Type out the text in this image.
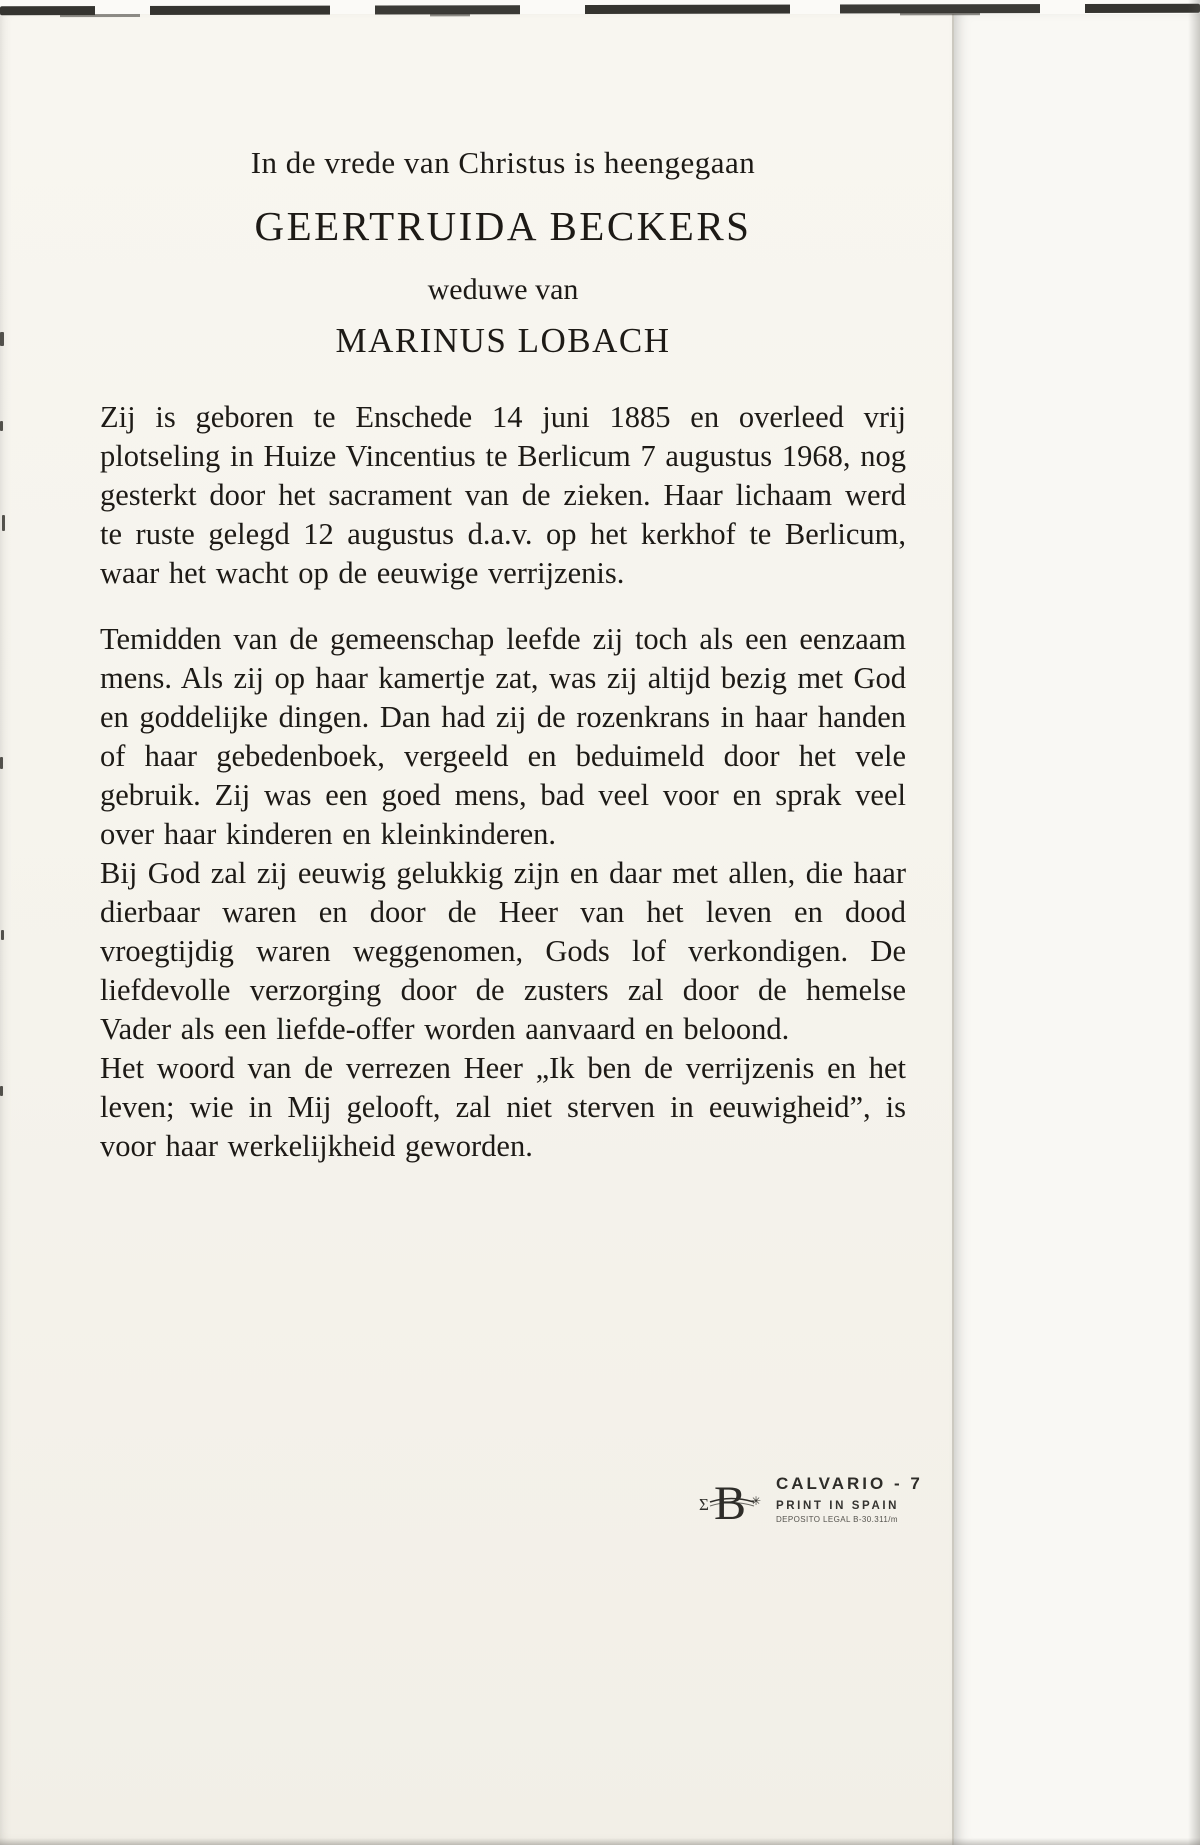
In de vrede van Christus is heengegaan
GEERTRUIDA BECKERS
weduwe van
MARINUS LOBACH

Zij is geboren te Enschede 14 juni 1885 en overleed vrij plotseling in Huize Vincentius te Berlicum 7 augustus 1968, nog gesterkt door het sacrament van de zieken. Haar lichaam werd te ruste gelegd 12 augustus d.a.v. op het kerkhof te Berlicum, waar het wacht op de eeuwige verrijzenis.

Temidden van de gemeenschap leefde zij toch als een eenzaam mens. Als zij op haar kamertje zat, was zij altijd bezig met God en goddelijke dingen. Dan had zij de rozenkrans in haar handen of haar gebedenboek, vergeeld en beduimeld door het vele gebruik. Zij was een goed mens, bad veel voor en sprak veel over haar kinderen en kleinkinderen.

Bij God zal zij eeuwig gelukkig zijn en daar met allen, die haar dierbaar waren en door de Heer van het leven en dood vroegtijdig waren weggenomen, Gods lof verkondigen. De liefdevolle verzorging door de zusters zal door de hemelse Vader als een liefde-offer worden aanvaard en beloond.

Het woord van de verrezen Heer „Ik ben de verrijzenis en het leven; wie in Mij gelooft, zal niet sterven in eeuwigheid”, is voor haar werkelijkheid geworden.

Σ B ✳
CALVARIO - 7
PRINT IN SPAIN
DEPOSITO LEGAL B-30.311/m
